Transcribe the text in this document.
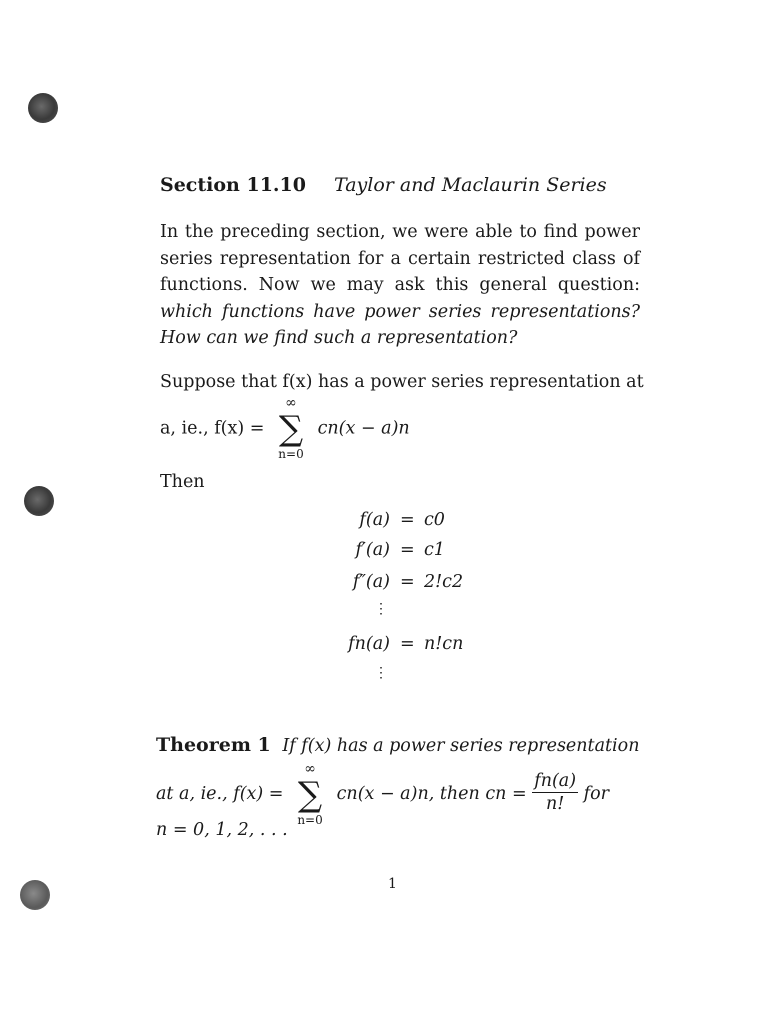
Section 11.10 Taylor and Maclaurin Series
In the preceding section, we were able to find power series representation for a certain restricted class of functions. Now we may ask this general question: which functions have power series representations? How can we find such a representation?
Suppose that f(x) has a power series representation at
a, ie., f(x) =
∞
∑
n=0
cn(x − a)n
Then
f(a) = c0
f′(a) = c1
f″(a) = 2!c2
⋮
fn(a) = n!cn
⋮
Theorem 1 If f(x) has a power series representation
at a, ie., f(x) =
∞
∑
n=0
cn(x − a)n, then cn = $\frac{fn(a)}{n!}$ for
n = 0, 1, 2, . . .
1
